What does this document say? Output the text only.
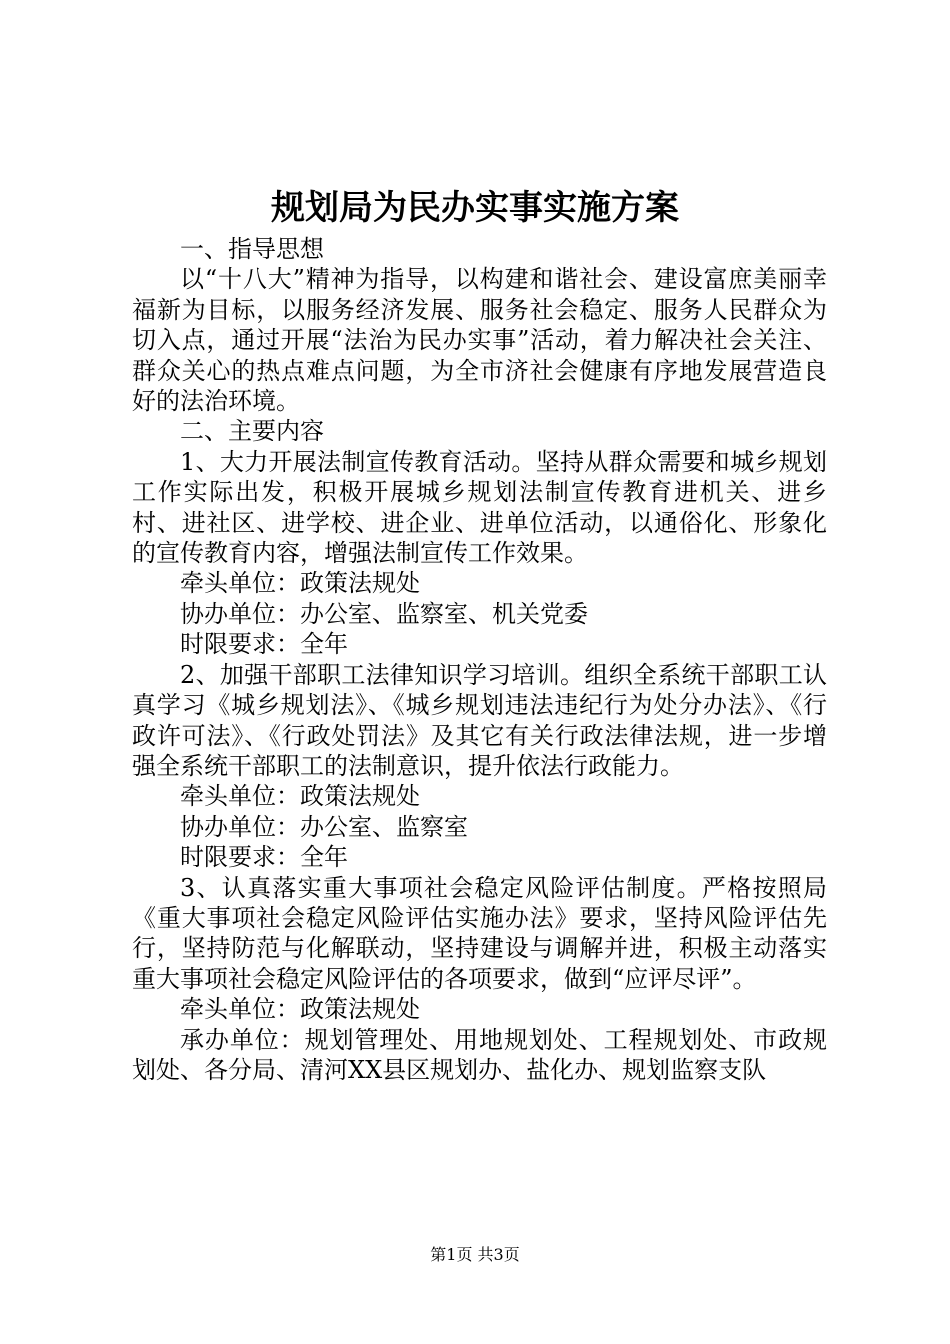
规划局为民办实事实施方案

一、指导思想

以“十八大”精神为指导，以构建和谐社会、建设富庶美丽幸福新为目标，以服务经济发展、服务社会稳定、服务人民群众为切入点，通过开展“法治为民办实事”活动，着力解决社会关注、群众关心的热点难点问题，为全市济社会健康有序地发展营造良好的法治环境。

二、主要内容

1、大力开展法制宣传教育活动。坚持从群众需要和城乡规划工作实际出发，积极开展城乡规划法制宣传教育进机关、进乡村、进社区、进学校、进企业、进单位活动，以通俗化、形象化的宣传教育内容，增强法制宣传工作效果。

牵头单位：政策法规处

协办单位：办公室、监察室、机关党委

时限要求：全年

2、加强干部职工法律知识学习培训。组织全系统干部职工认真学习《城乡规划法》、《城乡规划违法违纪行为处分办法》、《行政许可法》、《行政处罚法》及其它有关行政法律法规，进一步增强全系统干部职工的法制意识，提升依法行政能力。

牵头单位：政策法规处

协办单位：办公室、监察室

时限要求：全年

3、认真落实重大事项社会稳定风险评估制度。严格按照局《重大事项社会稳定风险评估实施办法》要求，坚持风险评估先行，坚持防范与化解联动，坚持建设与调解并进，积极主动落实重大事项社会稳定风险评估的各项要求，做到“应评尽评”。

牵头单位：政策法规处

承办单位：规划管理处、用地规划处、工程规划处、市政规划处、各分局、清河XX县区规划办、盐化办、规划监察支队

第1页 共3页
